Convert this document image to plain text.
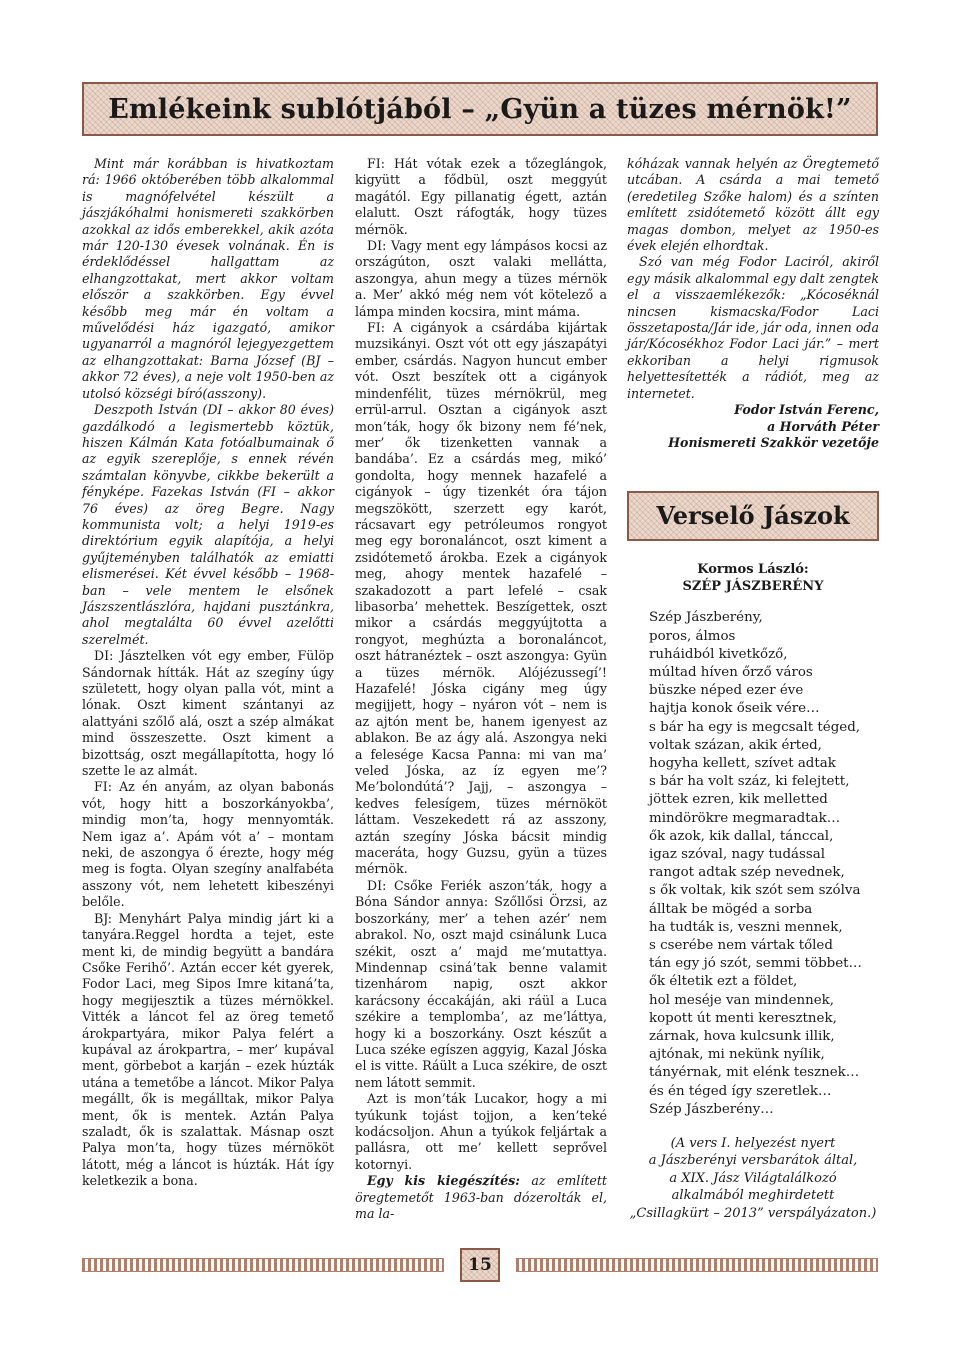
Emlékeink sublótjából – „Gyün a tüzes mérnök!”

Mint már korábban is hivatkoztam rá: 1966 októberében több alkalommal is magnófelvétel készült a jászjákóhalmi honismereti szakkörben azokkal az idős emberekkel, akik azóta már 120-130 évesek volnának. Én is érdeklődéssel hallgattam az elhangzottakat, mert akkor voltam először a szakkörben. Egy évvel később meg már én voltam a művelődési ház igazgató, amikor ugyanarról a magnóról lejegyezgettem az elhangzottakat: Barna József (BJ – akkor 72 éves), a neje volt 1950-ben az utolsó községi bíró(asszony).

Deszpoth István (DI – akkor 80 éves) gazdálkodó a legismertebb köztük, hiszen Kálmán Kata fotóalbumainak ő az egyik szereplője, s ennek révén számtalan könyvbe, cikkbe bekerült a fényképe. Fazekas István (FI – akkor 76 éves) az öreg Begre. Nagy kommunista volt; a helyi 1919-es direktórium egyik alapítója, a helyi gyűjteményben találhatók az emiatti elismerései. Két évvel később – 1968-ban – vele mentem le elsőnek Jászszentlászlóra, hajdani pusztánkra, ahol megtalálta 60 évvel azelőtti szerelmét.

DI: Jásztelken vót egy ember, Fülöp Sándornak hítták. Hát az szegíny úgy született, hogy olyan palla vót, mint a lónak. Oszt kiment szántanyi az alattyáni szőlő alá, oszt a szép almákat mind összeszette. Oszt kiment a bizottság, oszt megállapította, hogy ló szette le az almát.

FI: Az én anyám, az olyan babonás vót, hogy hitt a boszorkányokba’, mindig mon’ta, hogy mennyomták. Nem igaz a’. Apám vót a’ – montam neki, de aszongya ő érezte, hogy még meg is fogta. Olyan szegíny analfabéta asszony vót, nem lehetett kibeszényi belőle.

BJ: Menyhárt Palya mindig járt ki a tanyára.Reggel hordta a tejet, este ment ki, de mindig begyütt a bandára Csőke Ferihő’. Aztán eccer két gyerek, Fodor Laci, meg Sipos Imre kitaná’ta, hogy megijesztik a tüzes mérnökkel. Vitték a láncot fel az öreg temető árokpartyára, mikor Palya felért a kupával az árokpartra, – mer’ kupával ment, görbebot a karján – ezek húzták utána a temetőbe a láncot. Mikor Palya megállt, ők is megálltak, mikor Palya ment, ők is mentek. Aztán Palya szaladt, ők is szalattak. Másnap oszt Palya mon’ta, hogy tüzes mérnököt látott, még a láncot is húzták. Hát így keletkezik a bona.

FI: Hát vótak ezek a tőzeglángok, kigyütt a fődbül, oszt meggyút magától. Egy pillanatig égett, aztán elalutt. Oszt ráfogták, hogy tüzes mérnök.

DI: Vagy ment egy lámpásos kocsi az országúton, oszt valaki mellátta, aszongya, ahun megy a tüzes mérnök a. Mer’ akkó még nem vót kötelező a lámpa minden kocsira, mint máma.

FI: A cigányok a csárdába kijártak muzsikányi. Oszt vót ott egy jászapátyi ember, csárdás. Nagyon huncut ember vót. Oszt beszítek ott a cigányok mindenfélit, tüzes mérnökrül, meg errül-arrul. Osztan a cigányok aszt mon’ták, hogy ők bizony nem fé’nek, mer’ ők tizenketten vannak a bandába’. Ez a csárdás meg, mikó’ gondolta, hogy mennek hazafelé a cigányok – úgy tizenkét óra tájon megszökött, szerzett egy karót, rácsavart egy petróleumos rongyot meg egy boronaláncot, oszt kiment a zsidótemető árokba. Ezek a cigányok meg, ahogy mentek hazafelé – szakadozott a part lefelé – csak libasorba’ mehettek. Beszígettek, oszt mikor a csárdás meggyújtotta a rongyot, meghúzta a boronaláncot, oszt hátranéztek – oszt aszongya: Gyün a tüzes mérnök. Alójézussegí’! Hazafelé! Jóska cigány meg úgy megijjett, hogy – nyáron vót – nem is az ajtón ment be, hanem igenyest az ablakon. Be az ágy alá. Aszongya neki a felesége Kacsa Panna: mi van ma’ veled Jóska, az íz egyen me’? Me’bolondútá’? Jajj, – aszongya – kedves felesígem, tüzes mérnököt láttam. Veszekedett rá az asszony, aztán szegíny Jóska bácsit mindig maceráta, hogy Guzsu, gyün a tüzes mérnök.

DI: Csőke Feriék aszon’ták, hogy a Bóna Sándor annya: Szőllősi Örzsi, az boszorkány, mer’ a tehen azér’ nem abrakol. No, oszt majd csinálunk Luca székit, oszt a’ majd me’mutattya. Mindennap csiná’tak benne valamit tizenhárom napig, oszt akkor karácsony éccakáján, aki ráül a Luca székire a templomba’, az me’láttya, hogy ki a boszorkány. Oszt készűt a Luca széke egíszen aggyig, Kazal Jóska el is vitte. Ráült a Luca székire, de oszt nem látott semmit.

Azt is mon’ták Lucakor, hogy a mi tyúkunk tojást tojjon, a ken’teké kodácsoljon. Ahun a tyúkok feljártak a pallásra, ott me’ kellett seprővel kotornyi.

Egy kis kiegészítés: az említett öregtemetőt 1963-ban dózerolták el, ma la-

kóházak vannak helyén az Öregtemető utcában. A csárda a mai temető (eredetileg Szőke halom) és a színten említett zsidótemető között állt egy magas dombon, melyet az 1950-es évek elején elhordtak.

Szó van még Fodor Laciról, akiről egy másik alkalommal egy dalt zengtek el a visszaemlékezők: „Kócoséknál nincsen kismacska/Fodor Laci összetaposta/Jár ide, jár oda, innen oda jár/Kócosékhoz Fodor Laci jár.” – mert ekkoriban a helyi rigmusok helyettesítették a rádiót, meg az internetet.

Fodor István Ferenc,

a Horváth Péter

Honismereti Szakkör vezetője

Verselő Jászok
Kormos László:
SZÉP JÁSZBERÉNY
Szép Jászberény,
poros, álmos
ruháidból kivetkőző,
múltad híven őrző város
büszke néped ezer éve
hajtja konok őseik vére…
s bár ha egy is megcsalt téged,
voltak százan, akik érted,
hogyha kellett, szívet adtak
s bár ha volt száz, ki felejtett,
jöttek ezren, kik melletted
mindörökre megmaradtak…
ők azok, kik dallal, tánccal,
igaz szóval, nagy tudással
rangot adtak szép nevednek,
s ők voltak, kik szót sem szólva
álltak be mögéd a sorba
ha tudták is, veszni mennek,
s cserébe nem vártak tőled
tán egy jó szót, semmi többet…
ők éltetik ezt a földet,
hol meséje van mindennek,
kopott út menti keresztnek,
zárnak, hova kulcsunk illik,
ajtónak, mi nekünk nyílik,
tányérnak, mit elénk tesznek…
és én téged így szeretlek…
Szép Jászberény…
(A vers I. helyezést nyert
a Jászberényi versbarátok által,
a XIX. Jász Világtalálkozó
alkalmából meghirdetett
„Csillagkürt – 2013” verspályázaton.)
15
